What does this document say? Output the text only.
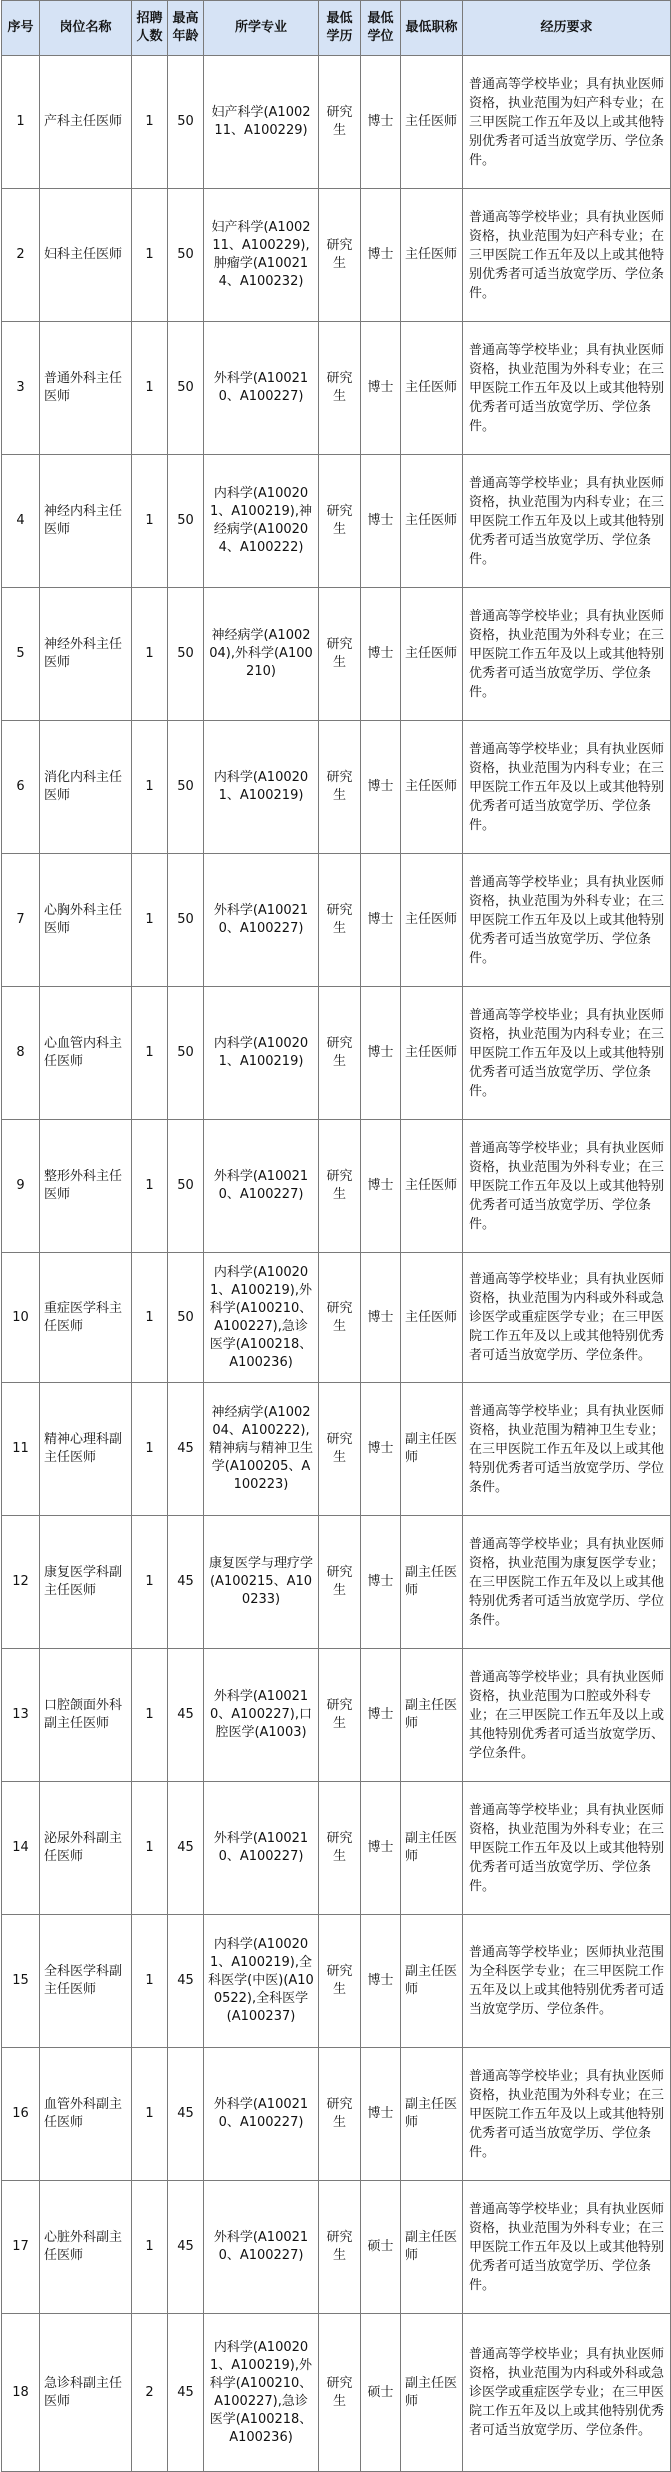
序号	岗位名称	招聘人数	最高年龄	所学专业	最低学历	最低学位	最低职称	经历要求
1	产科主任医师	1	50	妇产科学(A100211、A100229)	研究生	博士	主任医师	普通高等学校毕业；具有执业医师资格，执业范围为妇产科专业；在三甲医院工作五年及以上或其他特别优秀者可适当放宽学历、学位条件。
2	妇科主任医师	1	50	妇产科学(A100211、A100229),肿瘤学(A100214、A100232)	研究生	博士	主任医师	普通高等学校毕业；具有执业医师资格，执业范围为妇产科专业；在三甲医院工作五年及以上或其他特别优秀者可适当放宽学历、学位条件。
3	普通外科主任医师	1	50	外科学(A100210、A100227)	研究生	博士	主任医师	普通高等学校毕业；具有执业医师资格，执业范围为外科专业；在三甲医院工作五年及以上或其他特别优秀者可适当放宽学历、学位条件。
4	神经内科主任医师	1	50	内科学(A100201、A100219),神经病学(A100204、A100222)	研究生	博士	主任医师	普通高等学校毕业；具有执业医师资格，执业范围为内科专业；在三甲医院工作五年及以上或其他特别优秀者可适当放宽学历、学位条件。
5	神经外科主任医师	1	50	神经病学(A100204),外科学(A100210)	研究生	博士	主任医师	普通高等学校毕业；具有执业医师资格，执业范围为外科专业；在三甲医院工作五年及以上或其他特别优秀者可适当放宽学历、学位条件。
6	消化内科主任医师	1	50	内科学(A100201、A100219)	研究生	博士	主任医师	普通高等学校毕业；具有执业医师资格，执业范围为内科专业；在三甲医院工作五年及以上或其他特别优秀者可适当放宽学历、学位条件。
7	心胸外科主任医师	1	50	外科学(A100210、A100227)	研究生	博士	主任医师	普通高等学校毕业；具有执业医师资格，执业范围为外科专业；在三甲医院工作五年及以上或其他特别优秀者可适当放宽学历、学位条件。
8	心血管内科主任医师	1	50	内科学(A100201、A100219)	研究生	博士	主任医师	普通高等学校毕业；具有执业医师资格，执业范围为内科专业；在三甲医院工作五年及以上或其他特别优秀者可适当放宽学历、学位条件。
9	整形外科主任医师	1	50	外科学(A100210、A100227)	研究生	博士	主任医师	普通高等学校毕业；具有执业医师资格，执业范围为外科专业；在三甲医院工作五年及以上或其他特别优秀者可适当放宽学历、学位条件。
10	重症医学科主任医师	1	50	内科学(A100201、A100219),外科学(A100210、A100227),急诊医学(A100218、A100236)	研究生	博士	主任医师	普通高等学校毕业；具有执业医师资格，执业范围为内科或外科或急诊医学或重症医学专业；在三甲医院工作五年及以上或其他特别优秀者可适当放宽学历、学位条件。
11	精神心理科副主任医师	1	45	神经病学(A100204、A100222),精神病与精神卫生学(A100205、A100223)	研究生	博士	副主任医师	普通高等学校毕业；具有执业医师资格，执业范围为精神卫生专业；在三甲医院工作五年及以上或其他特别优秀者可适当放宽学历、学位条件。
12	康复医学科副主任医师	1	45	康复医学与理疗学(A100215、A100233)	研究生	博士	副主任医师	普通高等学校毕业；具有执业医师资格，执业范围为康复医学专业；在三甲医院工作五年及以上或其他特别优秀者可适当放宽学历、学位条件。
13	口腔颌面外科副主任医师	1	45	外科学(A100210、A100227),口腔医学(A1003)	研究生	博士	副主任医师	普通高等学校毕业；具有执业医师资格，执业范围为口腔或外科专业；在三甲医院工作五年及以上或其他特别优秀者可适当放宽学历、学位条件。
14	泌尿外科副主任医师	1	45	外科学(A100210、A100227)	研究生	博士	副主任医师	普通高等学校毕业；具有执业医师资格，执业范围为外科专业；在三甲医院工作五年及以上或其他特别优秀者可适当放宽学历、学位条件。
15	全科医学科副主任医师	1	45	内科学(A100201、A100219),全科医学(中医)(A100522),全科医学(A100237)	研究生	博士	副主任医师	普通高等学校毕业；医师执业范围为全科医学专业；在三甲医院工作五年及以上或其他特别优秀者可适当放宽学历、学位条件。
16	血管外科副主任医师	1	45	外科学(A100210、A100227)	研究生	博士	副主任医师	普通高等学校毕业；具有执业医师资格，执业范围为外科专业；在三甲医院工作五年及以上或其他特别优秀者可适当放宽学历、学位条件。
17	心脏外科副主任医师	1	45	外科学(A100210、A100227)	研究生	硕士	副主任医师	普通高等学校毕业；具有执业医师资格，执业范围为外科专业；在三甲医院工作五年及以上或其他特别优秀者可适当放宽学历、学位条件。
18	急诊科副主任医师	2	45	内科学(A100201、A100219),外科学(A100210、A100227),急诊医学(A100218、A100236)	研究生	硕士	副主任医师	普通高等学校毕业；具有执业医师资格，执业范围为内科或外科或急诊医学或重症医学专业；在三甲医院工作五年及以上或其他特别优秀者可适当放宽学历、学位条件。
